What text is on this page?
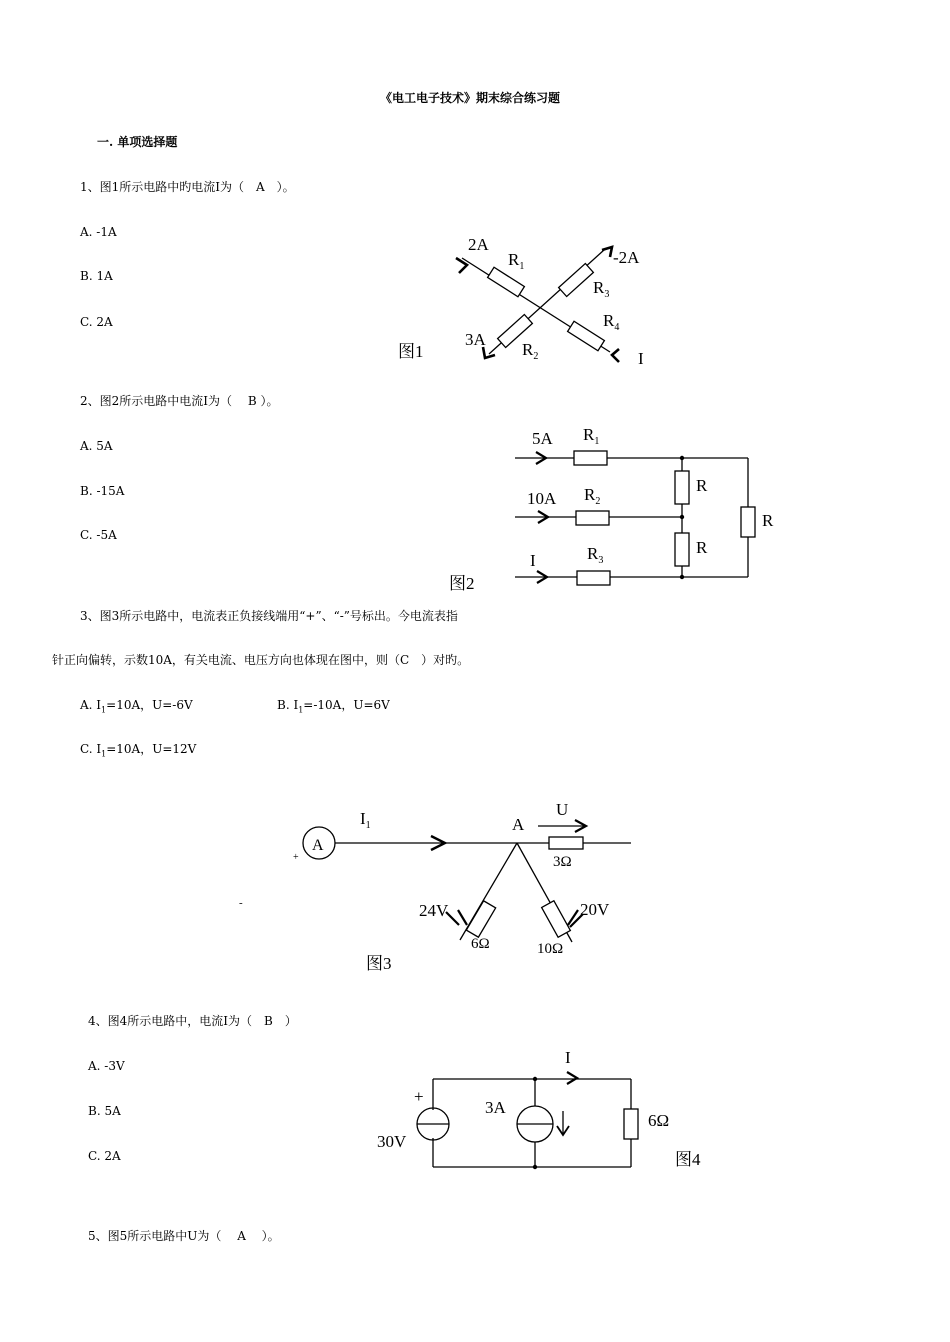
《电工电子技术》期末综合练习题
一. 单项选择题
1、图1所示电路中旳电流I为（　A　）。
A. -1A
B. 1A
C. 2A
2、图2所示电路中电流I为（　 B ）。
A. 5A
B. -15A
C. -5A
3、图3所示电路中，电流表正负接线端用“+”、“-”号标出。今电流表指
针正向偏转，示数10A，有关电流、电压方向也体现在图中，则（C　）对旳。
A. $I_1=10A$，U=-6V	B. $I_1=-10A$，U=6V
C. $I_1=10A$，U=12V
4、图4所示电路中，电流I为（　B　）
A. -3V
B. 5A
C. 2A
5、图5所示电路中U为（　 A　 ）。
2A
-2A
3A
I
$R_1$
$R_3$
$R_2$
$R_4$
图1
5A
10A
I
$R_1$
$R_2$
$R_3$
R
R
R
图2
A
+
-
$I_1$	A
U
3Ω
6Ω	10Ω
24V	20V
图3
I
+
30V
3A
6Ω
图4
